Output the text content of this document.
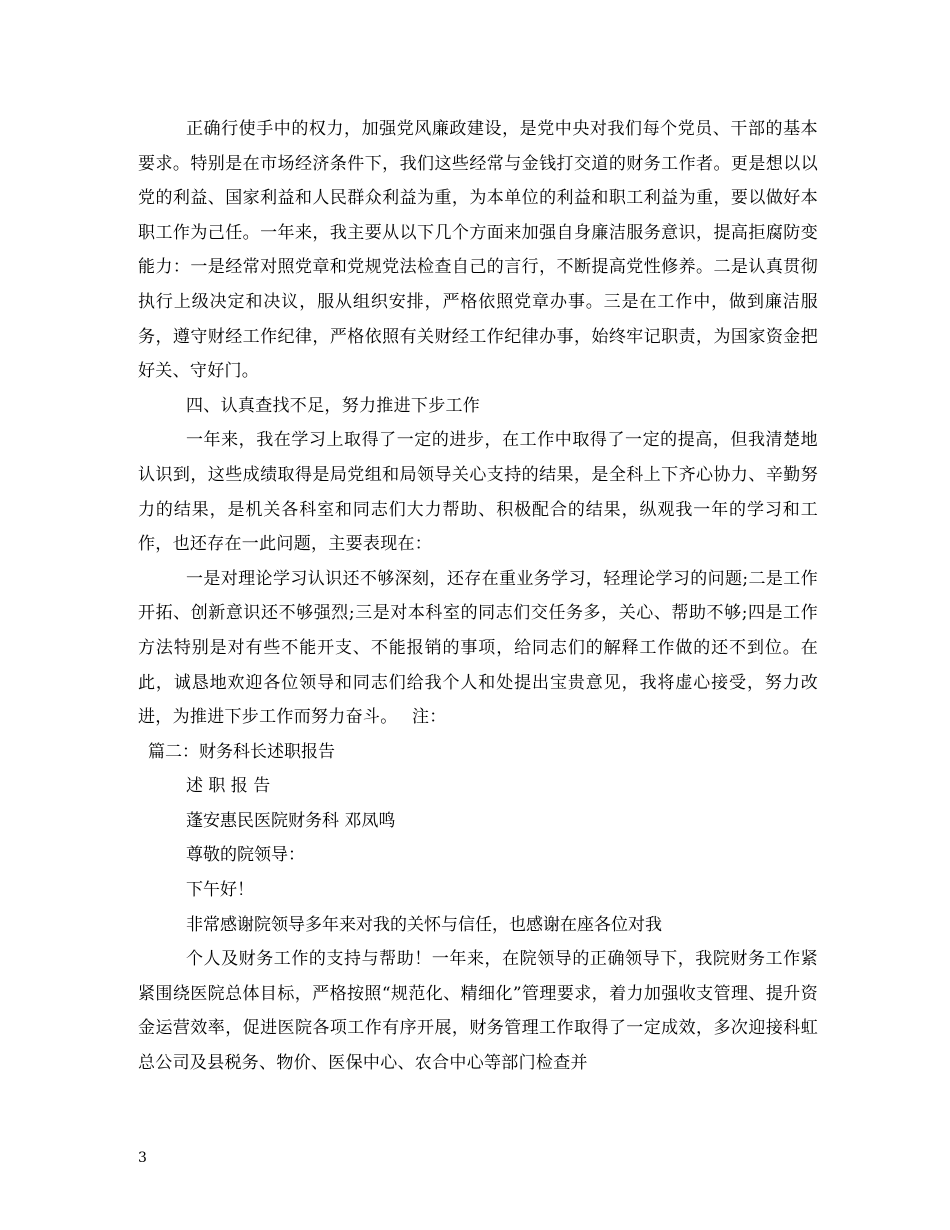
正确行使手中的权力，加强党风廉政建设，是党中央对我们每个党员、干部的基本要求。特别是在市场经济条件下，我们这些经常与金钱打交道的财务工作者。更是想以以党的利益、国家利益和人民群众利益为重，为本单位的利益和职工利益为重，要以做好本职工作为己任。一年来，我主要从以下几个方面来加强自身廉洁服务意识，提高拒腐防变能力：一是经常对照党章和党规党法检查自己的言行，不断提高党性修养。二是认真贯彻执行上级决定和决议，服从组织安排，严格依照党章办事。三是在工作中，做到廉洁服务，遵守财经工作纪律，严格依照有关财经工作纪律办事，始终牢记职责，为国家资金把好关、守好门。

四、认真查找不足，努力推进下步工作

一年来，我在学习上取得了一定的进步，在工作中取得了一定的提高，但我清楚地认识到，这些成绩取得是局党组和局领导关心支持的结果，是全科上下齐心协力、辛勤努力的结果，是机关各科室和同志们大力帮助、积极配合的结果，纵观我一年的学习和工作，也还存在一此问题，主要表现在：

一是对理论学习认识还不够深刻，还存在重业务学习，轻理论学习的问题;二是工作开拓、创新意识还不够强烈;三是对本科室的同志们交任务多，关心、帮助不够;四是工作方法特别是对有些不能开支、不能报销的事项，给同志们的解释工作做的还不到位。在此，诚恳地欢迎各位领导和同志们给我个人和处提出宝贵意见，我将虚心接受，努力改进，为推进下步工作而努力奋斗。　 注：

篇二：财务科长述职报告

述 职 报 告

蓬安惠民医院财务科 邓凤鸣

尊敬的院领导：

下午好！

非常感谢院领导多年来对我的关怀与信任，也感谢在座各位对我

个人及财务工作的支持与帮助！一年来，在院领导的正确领导下，我院财务工作紧紧围绕医院总体目标，严格按照“规范化、精细化”管理要求，着力加强收支管理、提升资金运营效率，促进医院各项工作有序开展，财务管理工作取得了一定成效，多次迎接科虹总公司及县税务、物价、医保中心、农合中心等部门检查并

3
